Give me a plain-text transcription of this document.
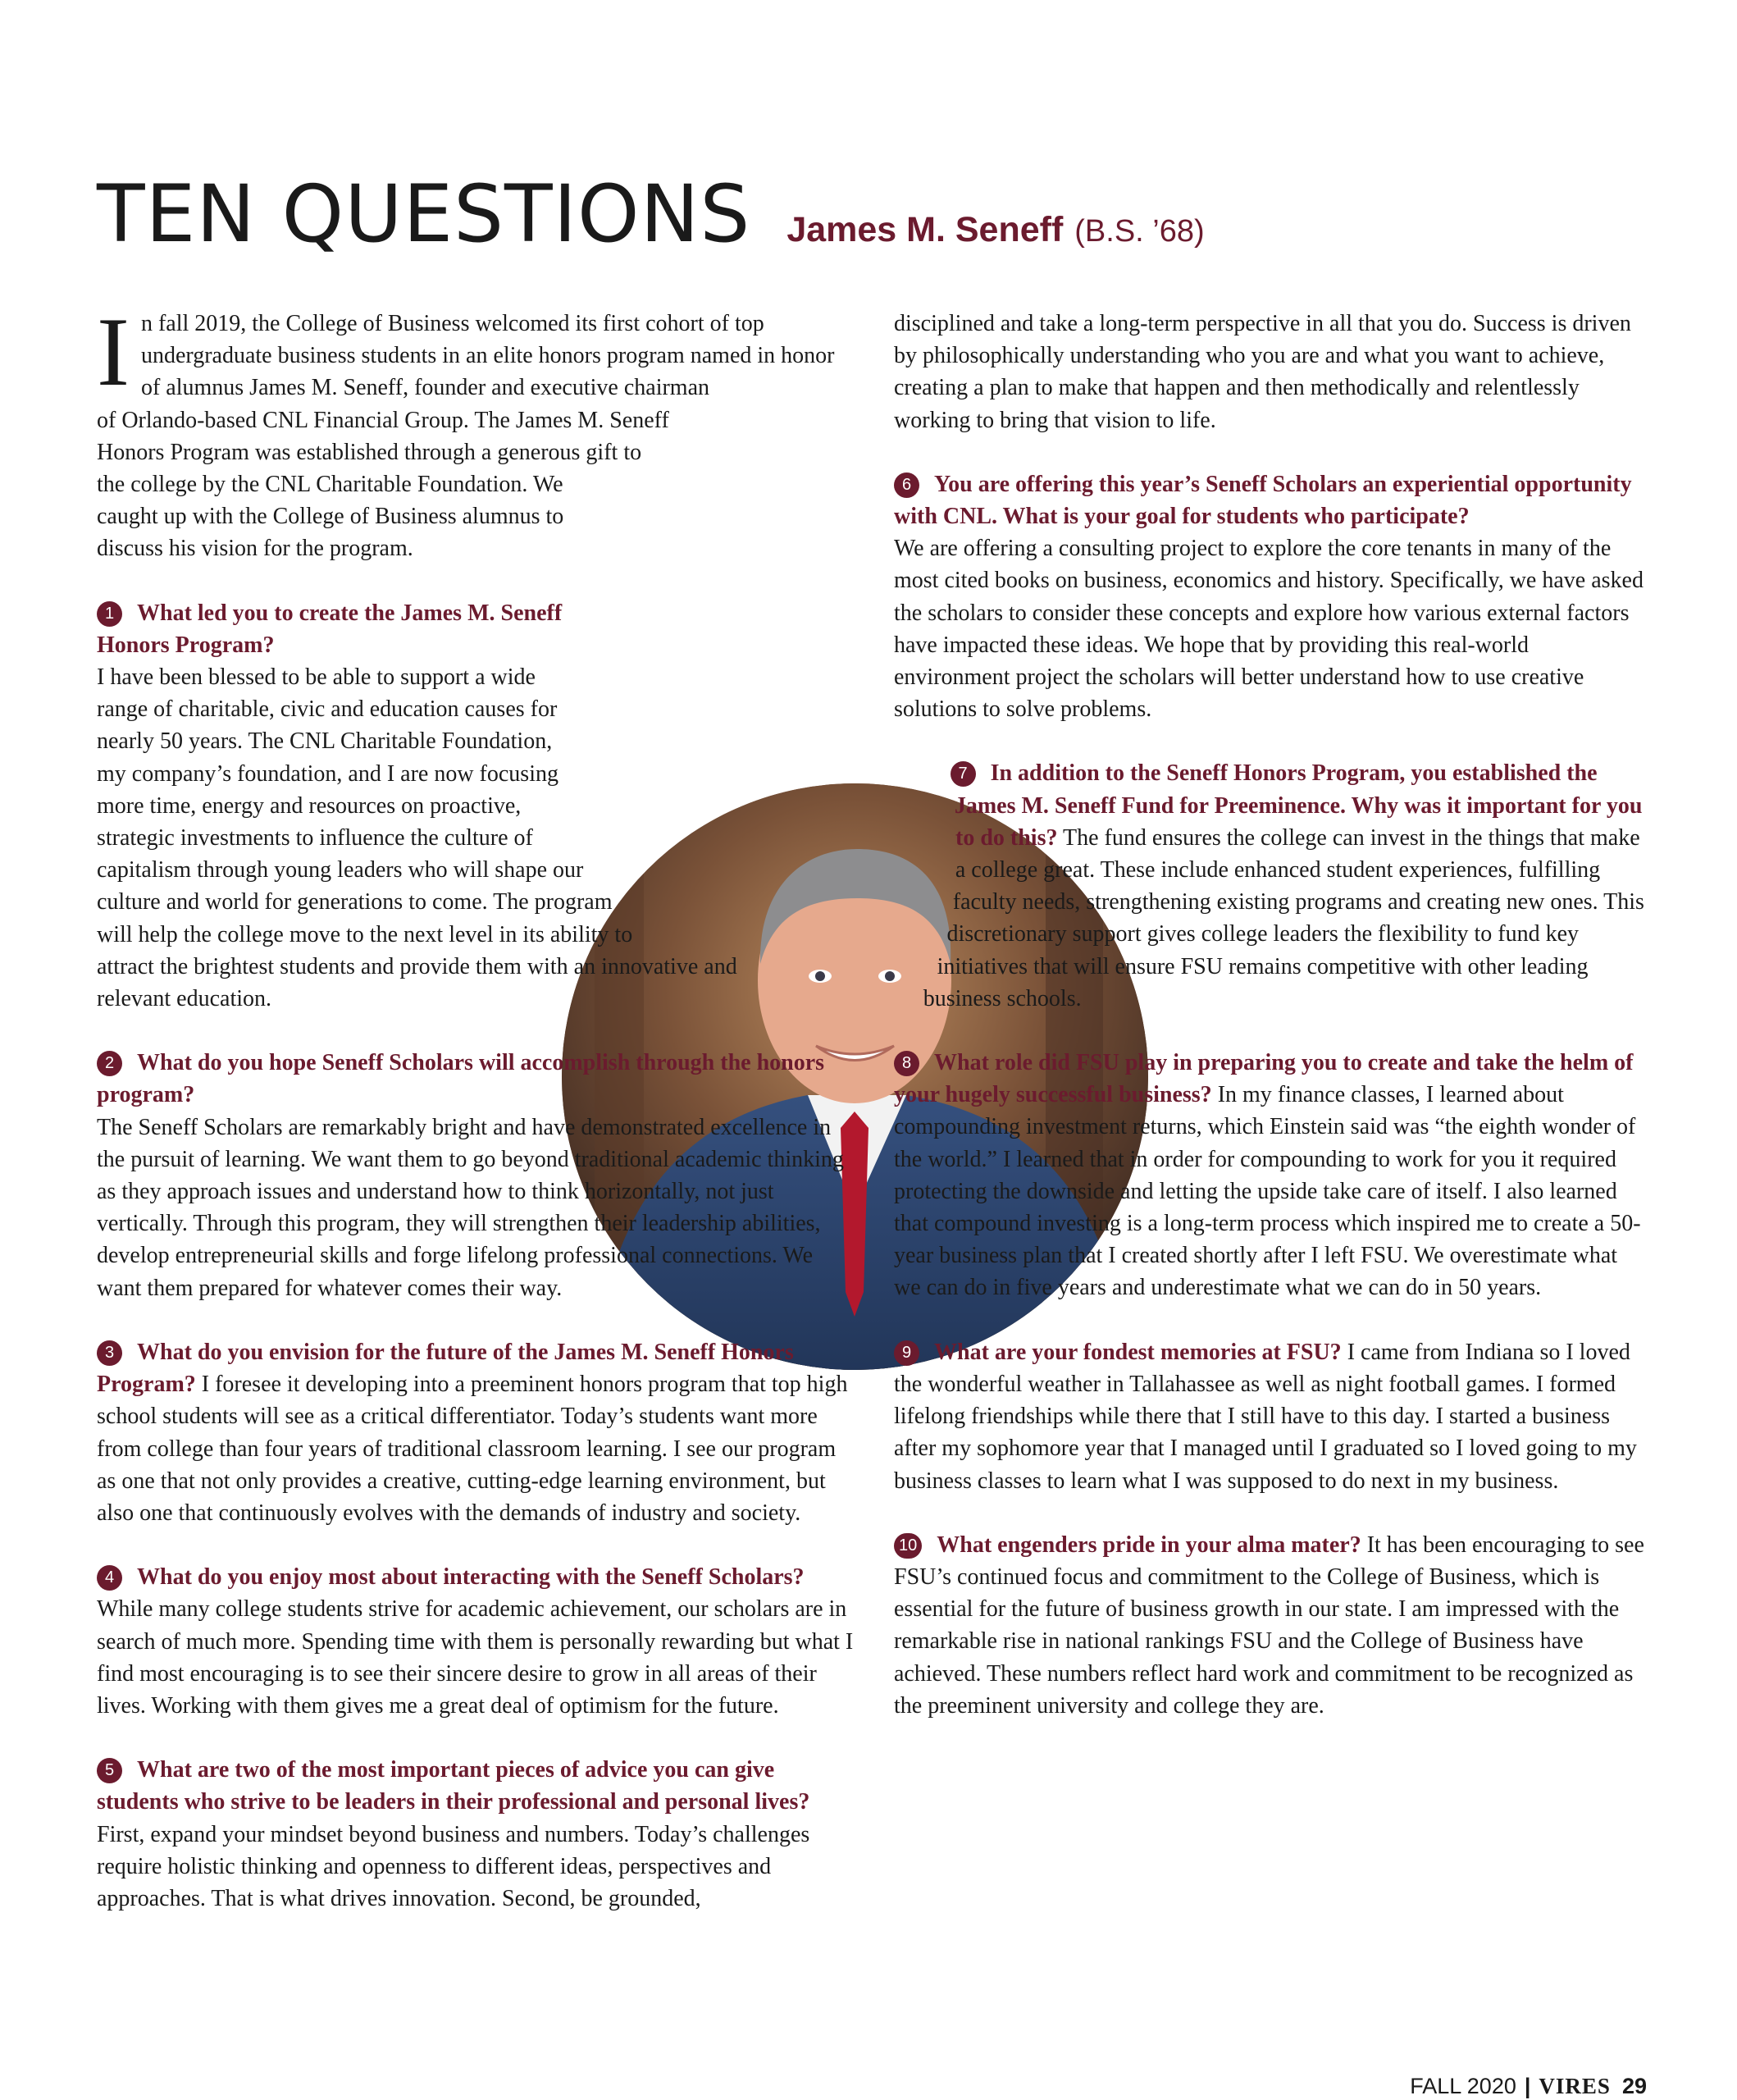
TEN QUESTIONS James M. Seneff (B.S. ’68)

I n fall 2019, the College of Business welcomed its first cohort of top undergraduate business students in an elite honors program named in honor of alumnus James M. Seneff, founder and executive chairman of Orlando-based CNL Financial Group. The James M. Seneff Honors Program was established through a generous gift to the college by the CNL Charitable Foundation. We caught up with the College of Business alumnus to discuss his vision for the program.

1 What led you to create the James M. Seneff Honors Program?
I have been blessed to be able to support a wide range of charitable, civic and education causes for nearly 50 years. The CNL Charitable Foundation, my company’s foundation, and I are now focusing more time, energy and resources on proactive, strategic investments to influence the culture of capitalism through young leaders who will shape our culture and world for generations to come. The program will help the college move to the next level in its ability to attract the brightest students and provide them with an innovative and relevant education.

2 What do you hope Seneff Scholars will accomplish through the honors program?
The Seneff Scholars are remarkably bright and have demonstrated excellence in the pursuit of learning. We want them to go beyond traditional academic thinking as they approach issues and understand how to think horizontally, not just vertically. Through this program, they will strengthen their leadership abilities, develop entrepreneurial skills and forge lifelong professional connections. We want them prepared for whatever comes their way.

3 What do you envision for the future of the James M. Seneff Honors Program? I foresee it developing into a preeminent honors program that top high school students will see as a critical differentiator. Today’s students want more from college than four years of traditional classroom learning. I see our program as one that not only provides a creative, cutting-edge learning environment, but also one that continuously evolves with the demands of industry and society.

4 What do you enjoy most about interacting with the Seneff Scholars?
While many college students strive for academic achievement, our scholars are in search of much more. Spending time with them is personally rewarding but what I find most encouraging is to see their sincere desire to grow in all areas of their lives. Working with them gives me a great deal of optimism for the future.

5 What are two of the most important pieces of advice you can give students who strive to be leaders in their professional and personal lives?
First, expand your mindset beyond business and numbers. Today’s challenges require holistic thinking and openness to different ideas, perspectives and approaches. That is what drives innovation. Second, be grounded,

disciplined and take a long-term perspective in all that you do. Success is driven by philosophically understanding who you are and what you want to achieve, creating a plan to make that happen and then methodically and relentlessly working to bring that vision to life.

6 You are offering this year’s Seneff Scholars an experiential opportunity with CNL. What is your goal for students who participate?
We are offering a consulting project to explore the core tenants in many of the most cited books on business, economics and history. Specifically, we have asked the scholars to consider these concepts and explore how various external factors have impacted these ideas. We hope that by providing this real-world environment project the scholars will better understand how to use creative solutions to solve problems.

7 In addition to the Seneff Honors Program, you established the James M. Seneff Fund for Preeminence. Why was it important for you to do this? The fund ensures the college can invest in the things that make a college great. These include enhanced student experiences, fulfilling faculty needs, strengthening existing programs and creating new ones. This discretionary support gives college leaders the flexibility to fund key initiatives that will ensure FSU remains competitive with other leading business schools.

8 What role did FSU play in preparing you to create and take the helm of your hugely successful business? In my finance classes, I learned about compounding investment returns, which Einstein said was “the eighth wonder of the world.” I learned that in order for compounding to work for you it required protecting the downside and letting the upside take care of itself. I also learned that compound investing is a long-term process which inspired me to create a 50-year business plan that I created shortly after I left FSU. We overestimate what we can do in five years and underestimate what we can do in 50 years.

9 What are your fondest memories at FSU? I came from Indiana so I loved the wonderful weather in Tallahassee as well as night football games. I formed lifelong friendships while there that I still have to this day. I started a business after my sophomore year that I managed until I graduated so I loved going to my business classes to learn what I was supposed to do next in my business.

10 What engenders pride in your alma mater? It has been encouraging to see FSU’s continued focus and commitment to the College of Business, which is essential for the future of business growth in our state. I am impressed with the remarkable rise in national rankings FSU and the College of Business have achieved. These numbers reflect hard work and commitment to be recognized as the preeminent university and college they are.

FALL 2020 | VIRES 29
